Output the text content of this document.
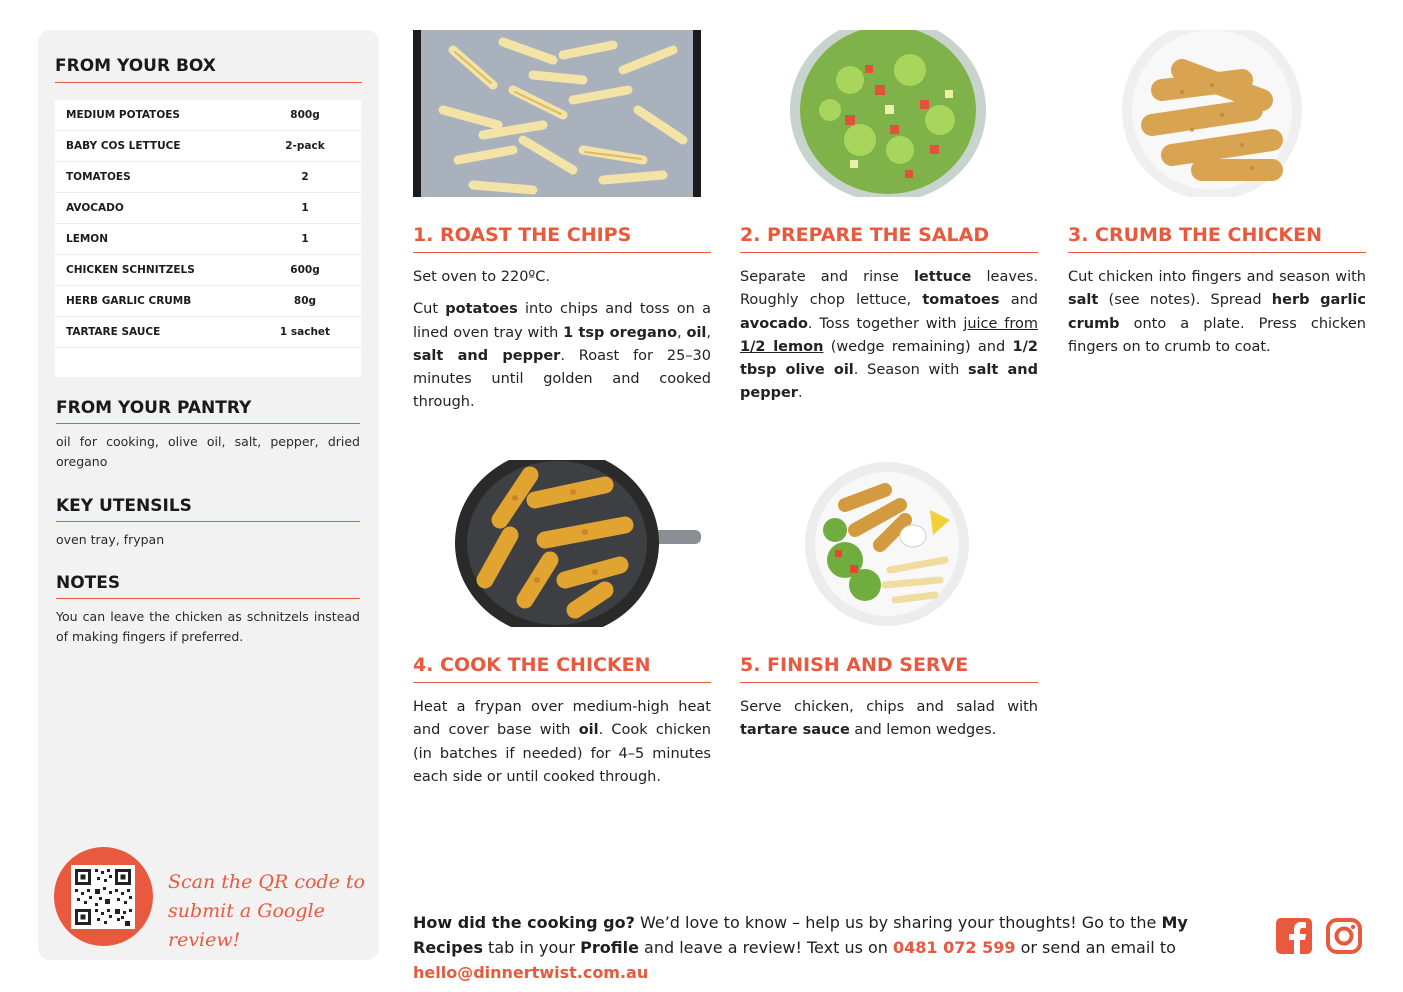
FROM YOUR BOX
MEDIUM POTATOES	800g
BABY COS LETTUCE	2-pack
TOMATOES	2
AVOCADO	1
LEMON	1
CHICKEN SCHNITZELS	600g
HERB GARLIC CRUMB	80g
TARTARE SAUCE	1 sachet
FROM YOUR PANTRY
oil for cooking, olive oil, salt, pepper, dried oregano
KEY UTENSILS
oven tray, frypan
NOTES
You can leave the chicken as schnitzels instead of making fingers if preferred.
Scan the QR code to
submit a Google review!
1. ROAST THE CHIPS

Set oven to 220ºC.

Cut potatoes into chips and toss on a lined oven tray with 1 tsp oregano, oil, salt and pepper. Roast for 25–30 minutes until golden and cooked through.

2. PREPARE THE SALAD

Separate and rinse lettuce leaves. Roughly chop lettuce, tomatoes and avocado. Toss together with juice from 1/2 lemon (wedge remaining) and 1/2 tbsp olive oil. Season with salt and pepper.

3. CRUMB THE CHICKEN

Cut chicken into fingers and season with salt (see notes). Spread herb garlic crumb onto a plate. Press chicken fingers on to crumb to coat.

4. COOK THE CHICKEN

Heat a frypan over medium-high heat and cover base with oil. Cook chicken (in batches if needed) for 4–5 minutes each side or until cooked through.

5. FINISH AND SERVE

Serve chicken, chips and salad with tartare sauce and lemon wedges.

How did the cooking go? We’d love to know – help us by sharing your thoughts! Go to the My Recipes tab in your Profile and leave a review! Text us on 0481 072 599 or send an email to hello@dinnertwist.com.au
